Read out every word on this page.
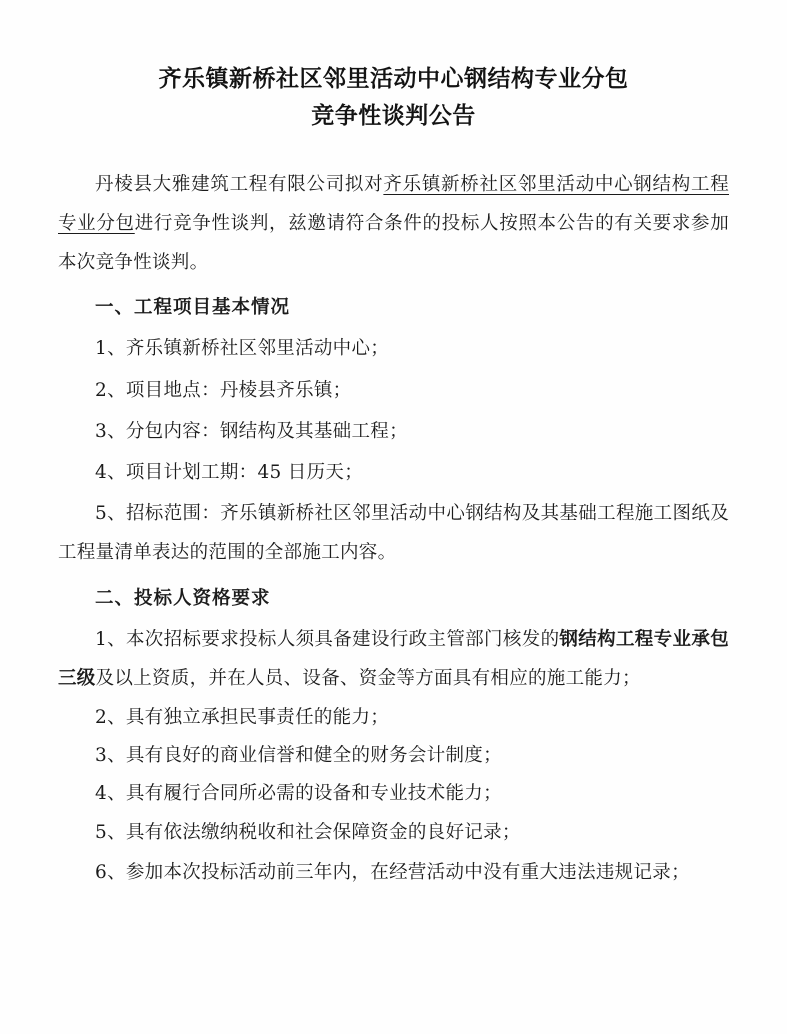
齐乐镇新桥社区邻里活动中心钢结构专业分包
竞争性谈判公告

丹棱县大雅建筑工程有限公司拟对齐乐镇新桥社区邻里活动中心钢结构工程专业分包进行竞争性谈判，兹邀请符合条件的投标人按照本公告的有关要求参加本次竞争性谈判。

一、工程项目基本情况

1、齐乐镇新桥社区邻里活动中心；

2、项目地点：丹棱县齐乐镇；

3、分包内容：钢结构及其基础工程；

4、项目计划工期：45 日历天；

5、招标范围：齐乐镇新桥社区邻里活动中心钢结构及其基础工程施工图纸及工程量清单表达的范围的全部施工内容。

二、投标人资格要求

1、本次招标要求投标人须具备建设行政主管部门核发的钢结构工程专业承包三级及以上资质，并在人员、设备、资金等方面具有相应的施工能力；

2、具有独立承担民事责任的能力；

3、具有良好的商业信誉和健全的财务会计制度；

4、具有履行合同所必需的设备和专业技术能力；

5、具有依法缴纳税收和社会保障资金的良好记录；

6、参加本次投标活动前三年内，在经营活动中没有重大违法违规记录；
